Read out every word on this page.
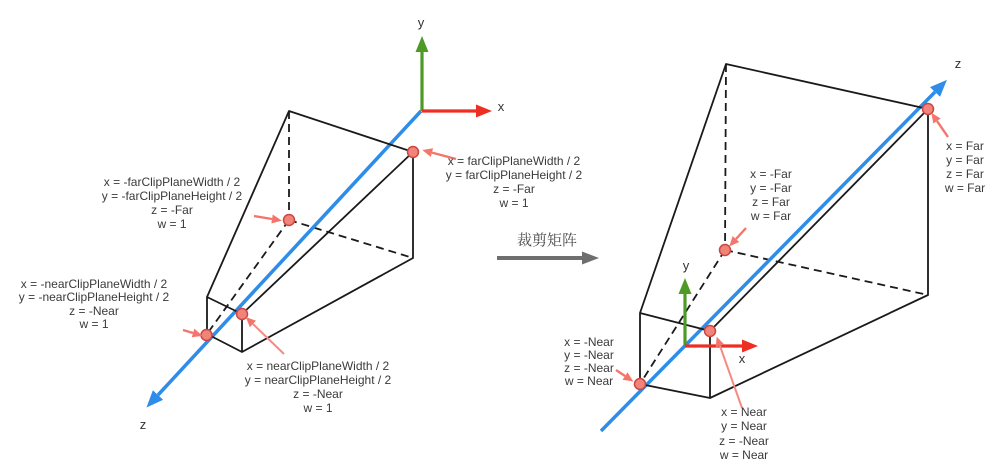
y
x
z
x = farClipPlaneWidth / 2
y = farClipPlaneHeight / 2
z = -Far
w = 1
x = -farClipPlaneWidth / 2
y = -farClipPlaneHeight / 2
z = -Far
w = 1
x = -nearClipPlaneWidth / 2
y = -nearClipPlaneHeight / 2
z = -Near
w = 1
x = nearClipPlaneWidth / 2
y = nearClipPlaneHeight / 2
z = -Near
w = 1
裁剪矩阵
y
x
z
x = -Far
y = -Far
z = Far
w = Far
x = Far
y = Far
z = Far
w = Far
x = -Near
y = -Near
z = -Near
w = Near
x = Near
y = Near
z = -Near
w = Near
